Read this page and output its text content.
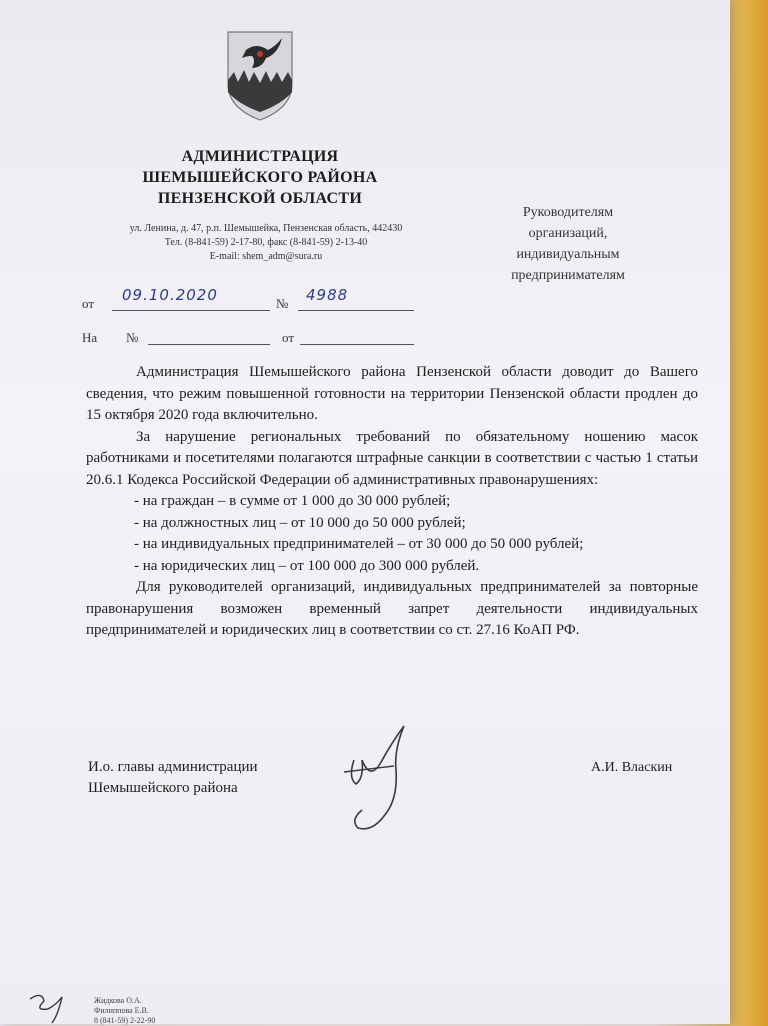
АДМИНИСТРАЦИЯ
ШЕМЫШЕЙСКОГО РАЙОНА
ПЕНЗЕНСКОЙ ОБЛАСТИ
ул. Ленина, д. 47, р.п. Шемышейка, Пензенская область, 442430
Тел. (8-841-59) 2-17-80, факс (8-841-59) 2-13-40
E-mail: shem_adm@sura.ru
Руководителям
организаций,
индивидуальным
предпринимателям
от 09.10.2020	№ 4988
На №	от

Администрация Шемышейского района Пензенской области доводит до Вашего сведения, что режим повышенной готовности на территории Пензенской области продлен до 15 октября 2020 года включительно.

За нарушение региональных требований по обязательному ношению масок работниками и посетителями полагаются штрафные санкции в соответствии с частью 1 статьи 20.6.1 Кодекса Российской Федерации об административных правонарушениях:

- на граждан – в сумме от 1 000 до 30 000 рублей;
- на должностных лиц – от 10 000 до 50 000 рублей;
- на индивидуальных предпринимателей – от 30 000 до 50 000 рублей;
- на юридических лиц – от 100 000 до 300 000 рублей.

Для руководителей организаций, индивидуальных предпринимателей за повторные правонарушения возможен временный запрет деятельности индивидуальных предпринимателей и юридических лиц в соответствии со ст. 27.16 КоАП РФ.

И.о. главы администрации
Шемышейского района
А.И. Власкин
Жидкова О.А.
Филиппова Е.В.
8 (841-59) 2-22-90
